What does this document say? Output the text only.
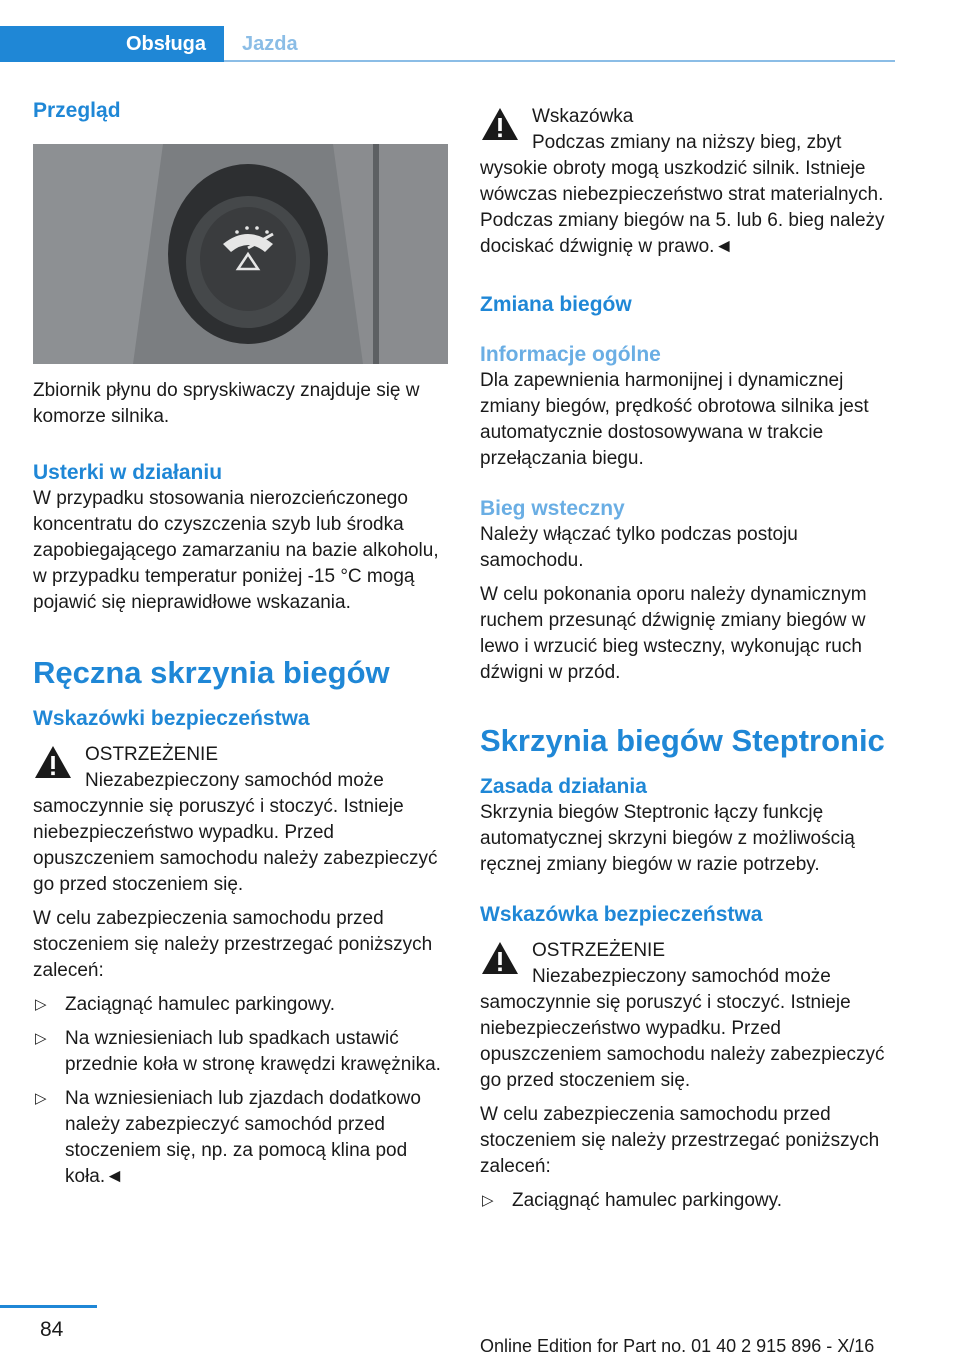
Obsługa	Jazda
Przegląd

Zbiornik płynu do spryskiwaczy znajduje się w komorze silnika.

Usterki w działaniu

W przypadku stosowania nierozcieńczonego koncentratu do czyszczenia szyb lub środka zapobiegającego zamarzaniu na bazie alkoholu, w przypadku temperatur poniżej -15 °C mogą pojawić się nieprawidłowe wskazania.

Ręczna skrzynia biegów
Wskazówki bezpieczeństwa

OSTRZEŻENIE

Niezabezpieczony samochód może samoczynnie się poruszyć i stoczyć. Istnieje niebezpieczeństwo wypadku. Przed opuszczeniem samochodu należy zabezpieczyć go przed stoczeniem się.

W celu zabezpieczenia samochodu przed stoczeniem się należy przestrzegać poniższych zaleceń:

▷ Zaciągnąć hamulec parkingowy.
▷ Na wzniesieniach lub spadkach ustawić przednie koła w stronę krawędzi krawężnika.
▷ Na wzniesieniach lub zjazdach dodatkowo należy zabezpieczyć samochód przed stoczeniem się, np. za pomocą klina pod koła.◄

Wskazówka

Podczas zmiany na niższy bieg, zbyt wysokie obroty mogą uszkodzić silnik. Istnieje wówczas niebezpieczeństwo strat materialnych. Podczas zmiany biegów na 5. lub 6. bieg należy dociskać dźwignię w prawo.◄

Zmiana biegów
Informacje ogólne

Dla zapewnienia harmonijnej i dynamicznej zmiany biegów, prędkość obrotowa silnika jest automatycznie dostosowywana w trakcie przełączania biegu.

Bieg wsteczny

Należy włączać tylko podczas postoju samochodu.

W celu pokonania oporu należy dynamicznym ruchem przesunąć dźwignię zmiany biegów w lewo i wrzucić bieg wsteczny, wykonując ruch dźwigni w przód.

Skrzynia biegów Steptronic
Zasada działania

Skrzynia biegów Steptronic łączy funkcję automatycznej skrzyni biegów z możliwością ręcznej zmiany biegów w razie potrzeby.

Wskazówka bezpieczeństwa

OSTRZEŻENIE

Niezabezpieczony samochód może samoczynnie się poruszyć i stoczyć. Istnieje niebezpieczeństwo wypadku. Przed opuszczeniem samochodu należy zabezpieczyć go przed stoczeniem się.

W celu zabezpieczenia samochodu przed stoczeniem się należy przestrzegać poniższych zaleceń:

▷ Zaciągnąć hamulec parkingowy.
84
Online Edition for Part no. 01 40 2 915 896 - X/16
